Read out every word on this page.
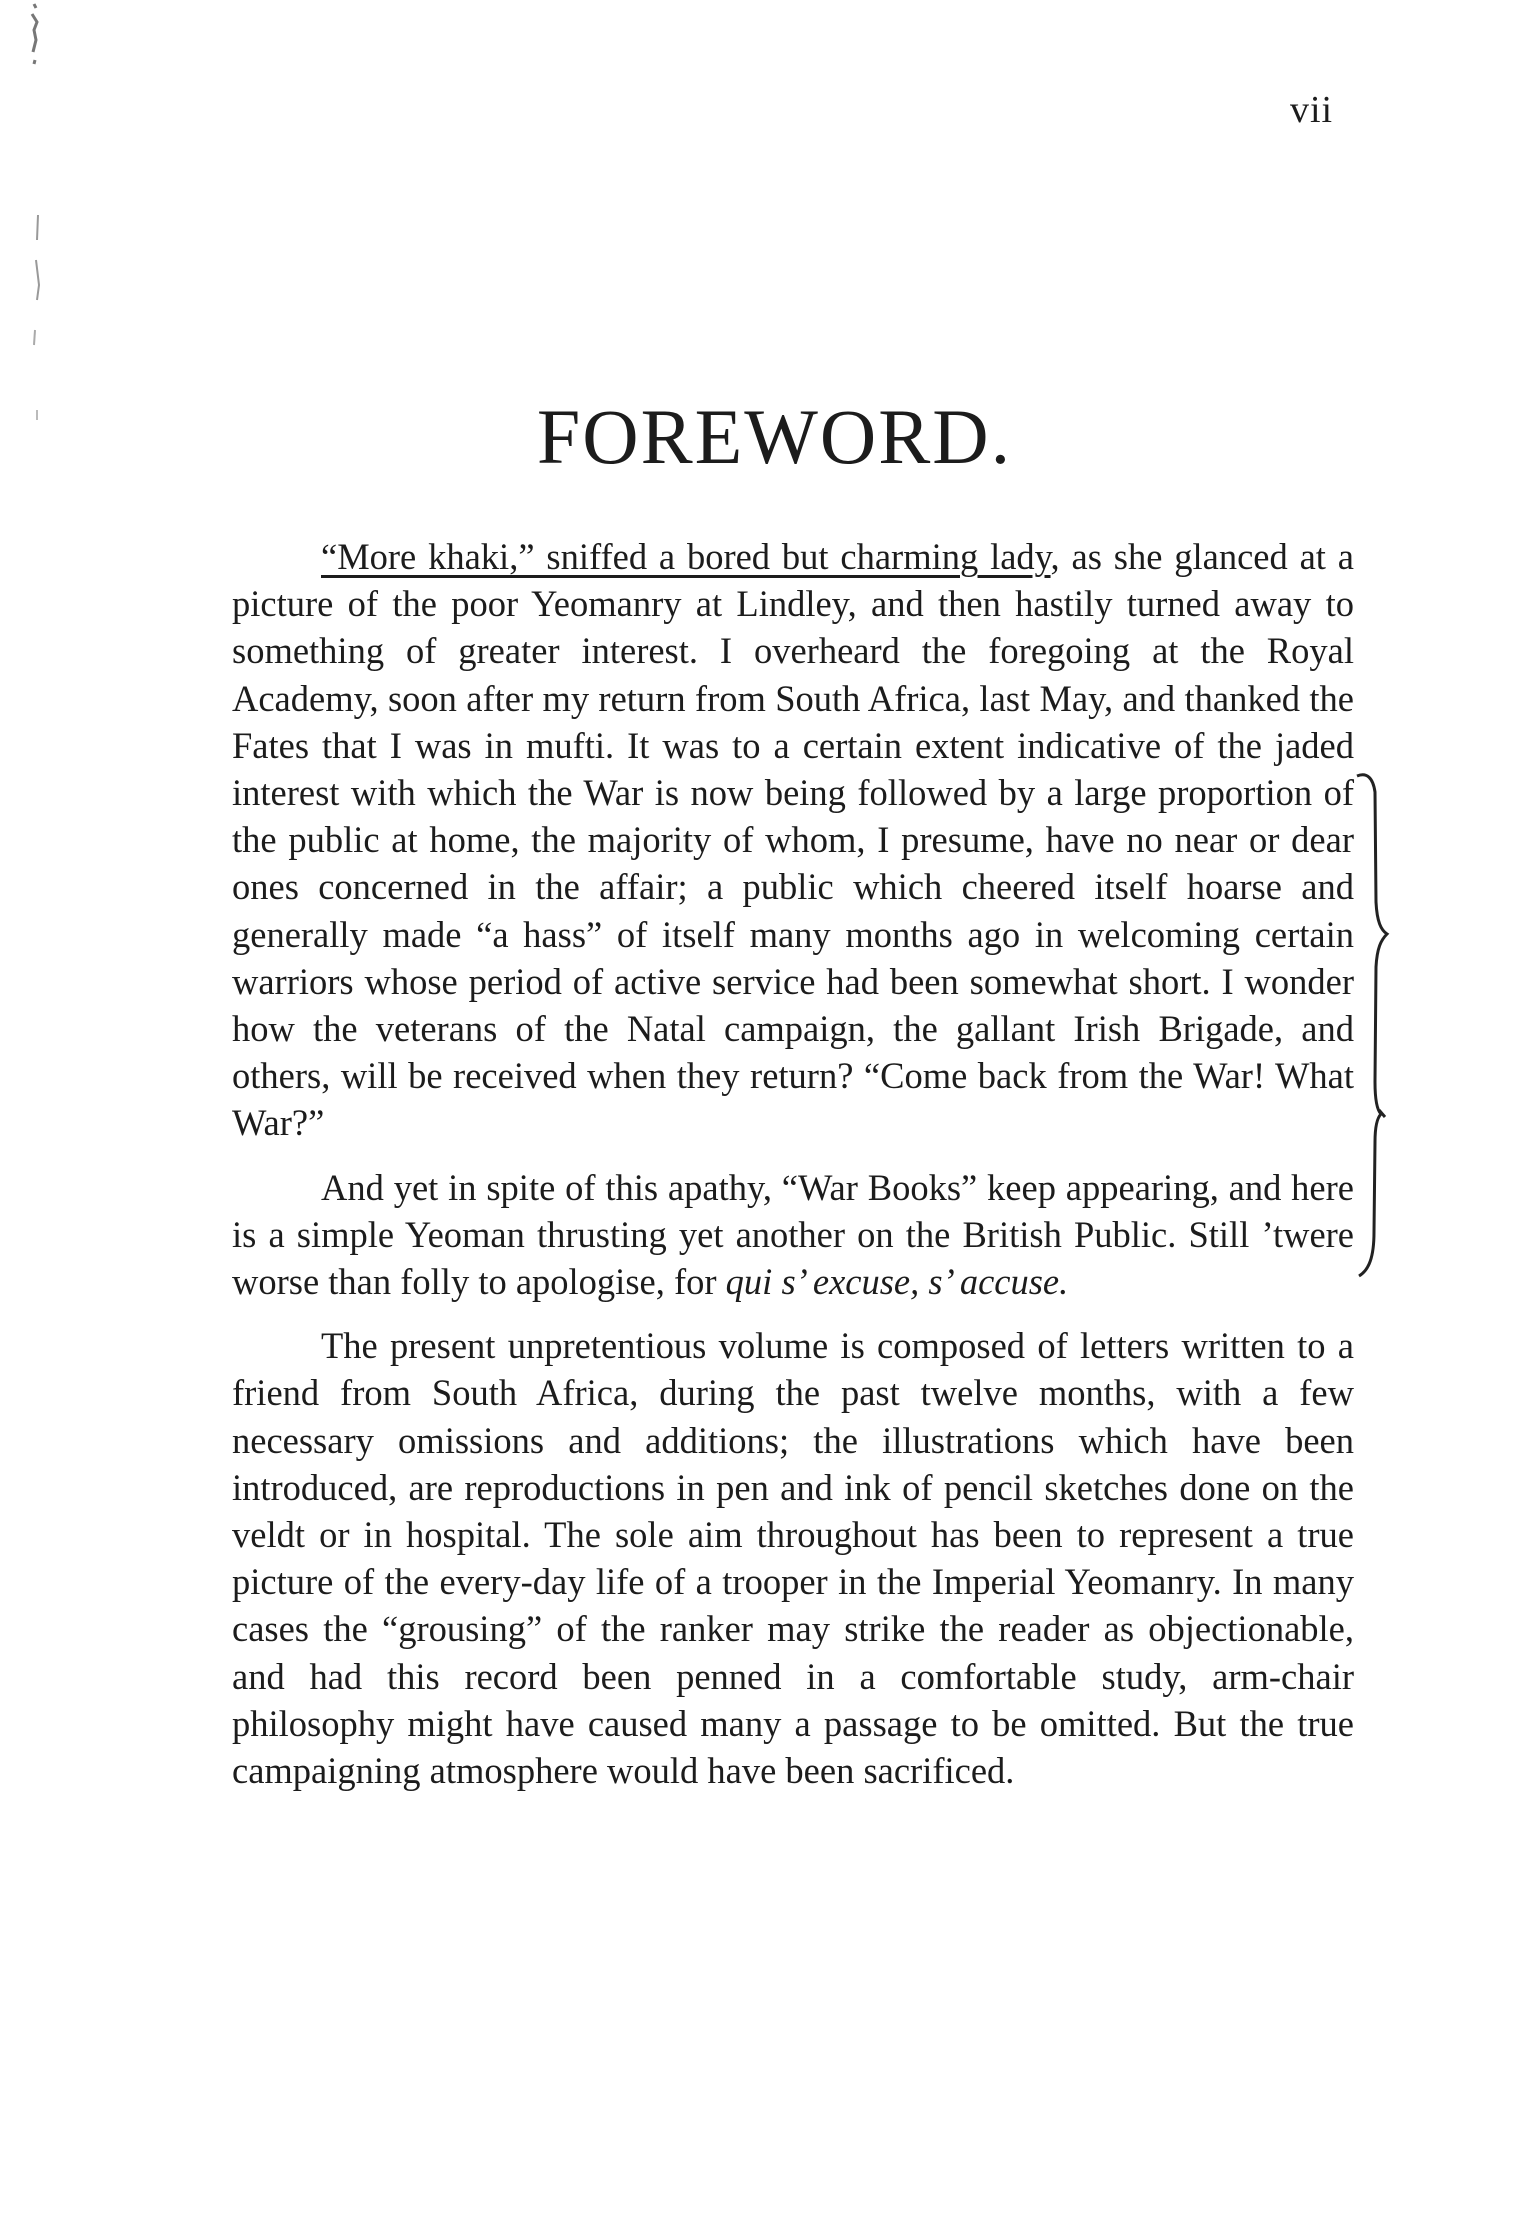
vii
FOREWORD.

“More khaki,” sniffed a bored but charming lady, as she glanced at a picture of the poor Yeomanry at Lindley, and then hastily turned away to something of greater interest. I overheard the foregoing at the Royal Academy, soon after my return from South Africa, last May, and thanked the Fates that I was in mufti. It was to a certain extent indicative of the jaded interest with which the War is now being followed by a large proportion of the public at home, the majority of whom, I presume, have no near or dear ones concerned in the affair; a public which cheered itself hoarse and generally made “a hass” of itself many months ago in welcoming certain warriors whose period of active service had been somewhat short. I wonder how the veterans of the Natal campaign, the gallant Irish Brigade, and others, will be received when they return? “Come back from the War! What War?”

And yet in spite of this apathy, “War Books” keep appearing, and here is a simple Yeoman thrusting yet another on the British Public. Still ’twere worse than folly to apologise, for qui s’ excuse, s’ accuse.

The present unpretentious volume is composed of letters written to a friend from South Africa, during the past twelve months, with a few necessary omissions and additions; the illustrations which have been introduced, are reproductions in pen and ink of pencil sketches done on the veldt or in hospital. The sole aim throughout has been to represent a true picture of the every-day life of a trooper in the Imperial Yeomanry. In many cases the “grousing” of the ranker may strike the reader as objectionable, and had this record been penned in a comfortable study, arm-chair philosophy might have caused many a passage to be omitted. But the true campaigning atmosphere would have been sacrificed.
